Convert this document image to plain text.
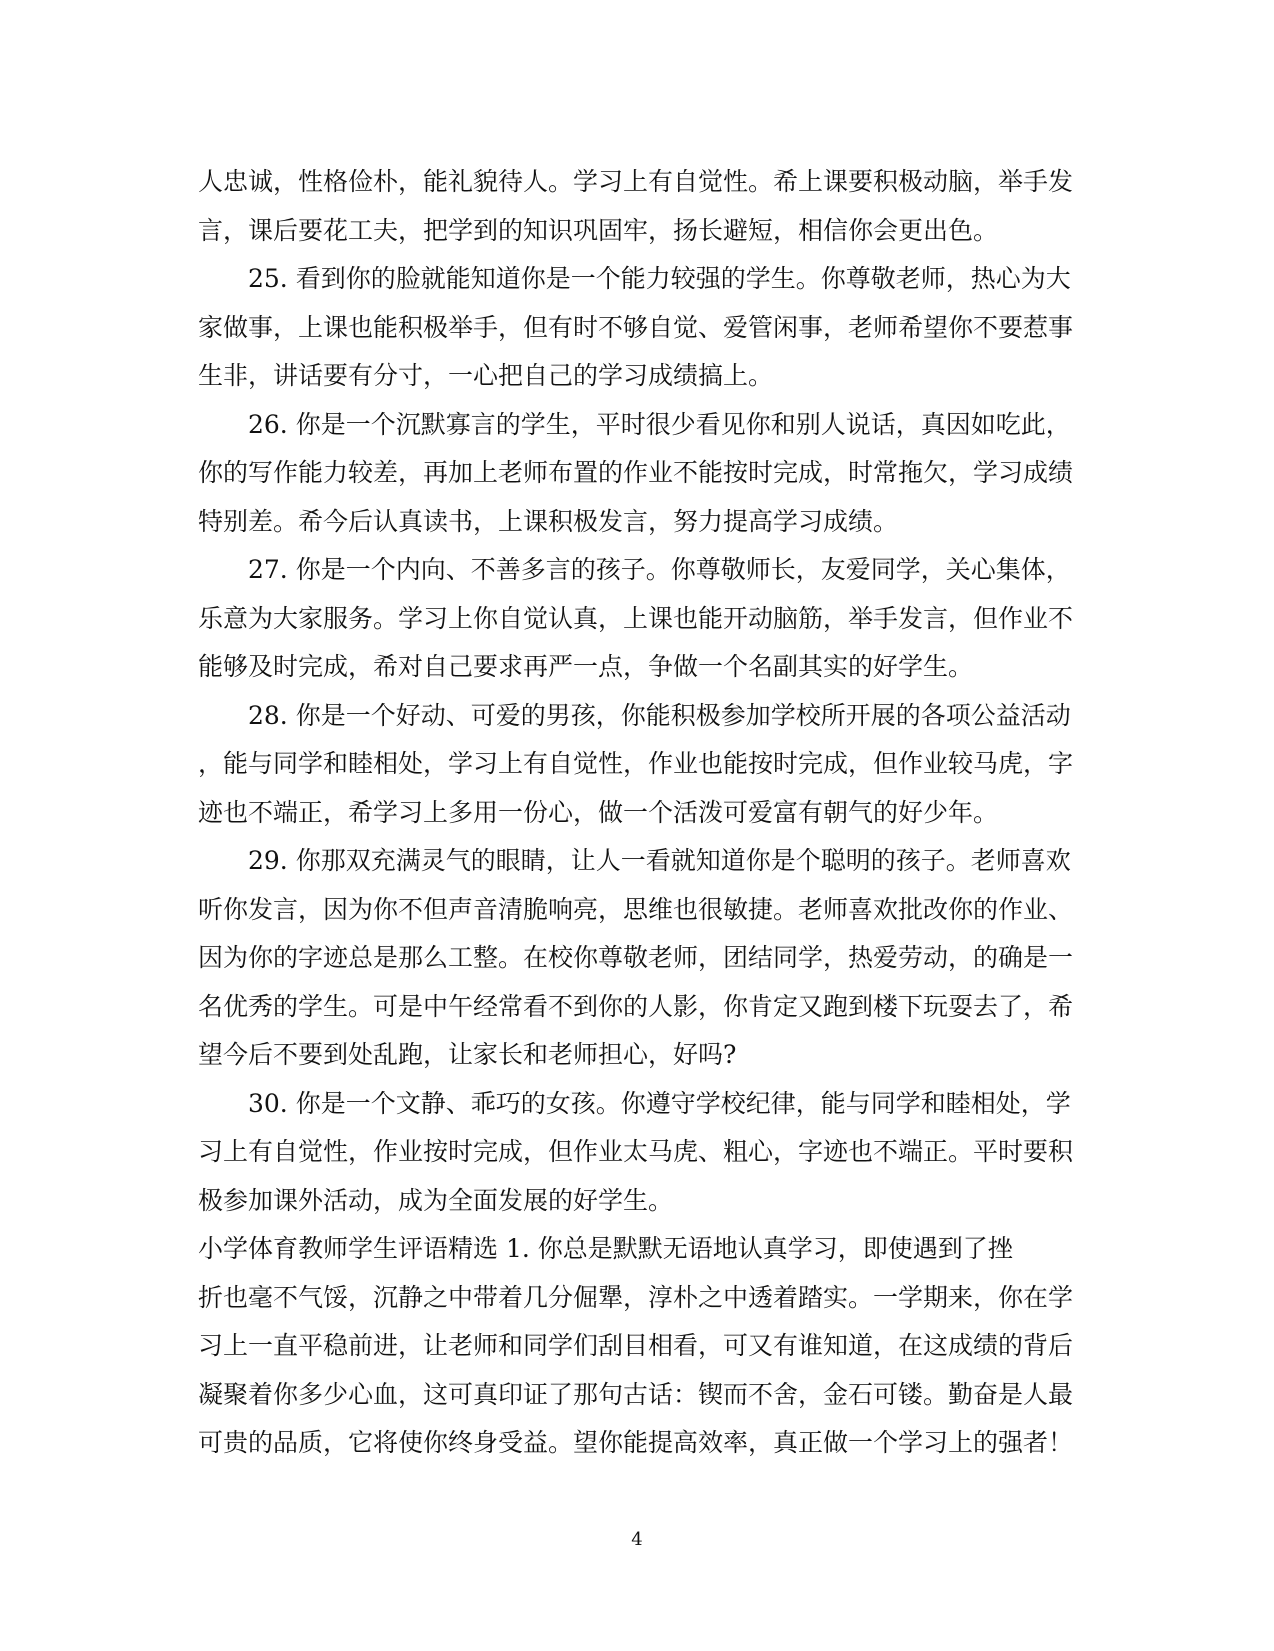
人忠诚，性格俭朴，能礼貌待人。学习上有自觉性。希上课要积极动脑，举手发
言，课后要花工夫，把学到的知识巩固牢，扬长避短，相信你会更出色。
25. 看到你的脸就能知道你是一个能力较强的学生。你尊敬老师，热心为大
家做事，上课也能积极举手，但有时不够自觉、爱管闲事，老师希望你不要惹事
生非，讲话要有分寸，一心把自己的学习成绩搞上。
26. 你是一个沉默寡言的学生，平时很少看见你和别人说话，真因如吃此，
你的写作能力较差，再加上老师布置的作业不能按时完成，时常拖欠，学习成绩
特别差。希今后认真读书，上课积极发言，努力提高学习成绩。
27. 你是一个内向、不善多言的孩子。你尊敬师长，友爱同学，关心集体，
乐意为大家服务。学习上你自觉认真，上课也能开动脑筋，举手发言，但作业不
能够及时完成，希对自己要求再严一点，争做一个名副其实的好学生。
28. 你是一个好动、可爱的男孩，你能积极参加学校所开展的各项公益活动
，能与同学和睦相处，学习上有自觉性，作业也能按时完成，但作业较马虎，字
迹也不端正，希学习上多用一份心，做一个活泼可爱富有朝气的好少年。
29. 你那双充满灵气的眼睛，让人一看就知道你是个聪明的孩子。老师喜欢
听你发言，因为你不但声音清脆响亮，思维也很敏捷。老师喜欢批改你的作业、
因为你的字迹总是那么工整。在校你尊敬老师，团结同学，热爱劳动，的确是一
名优秀的学生。可是中午经常看不到你的人影，你肯定又跑到楼下玩耍去了，希
望今后不要到处乱跑，让家长和老师担心，好吗?
30. 你是一个文静、乖巧的女孩。你遵守学校纪律，能与同学和睦相处，学
习上有自觉性，作业按时完成，但作业太马虎、粗心，字迹也不端正。平时要积
极参加课外活动，成为全面发展的好学生。
小学体育教师学生评语精选 1. 你总是默默无语地认真学习，即使遇到了挫
折也毫不气馁，沉静之中带着几分倔犟，淳朴之中透着踏实。一学期来，你在学
习上一直平稳前进，让老师和同学们刮目相看，可又有谁知道，在这成绩的背后
凝聚着你多少心血，这可真印证了那句古话：锲而不舍，金石可镂。勤奋是人最
可贵的品质，它将使你终身受益。望你能提高效率，真正做一个学习上的强者！
4
